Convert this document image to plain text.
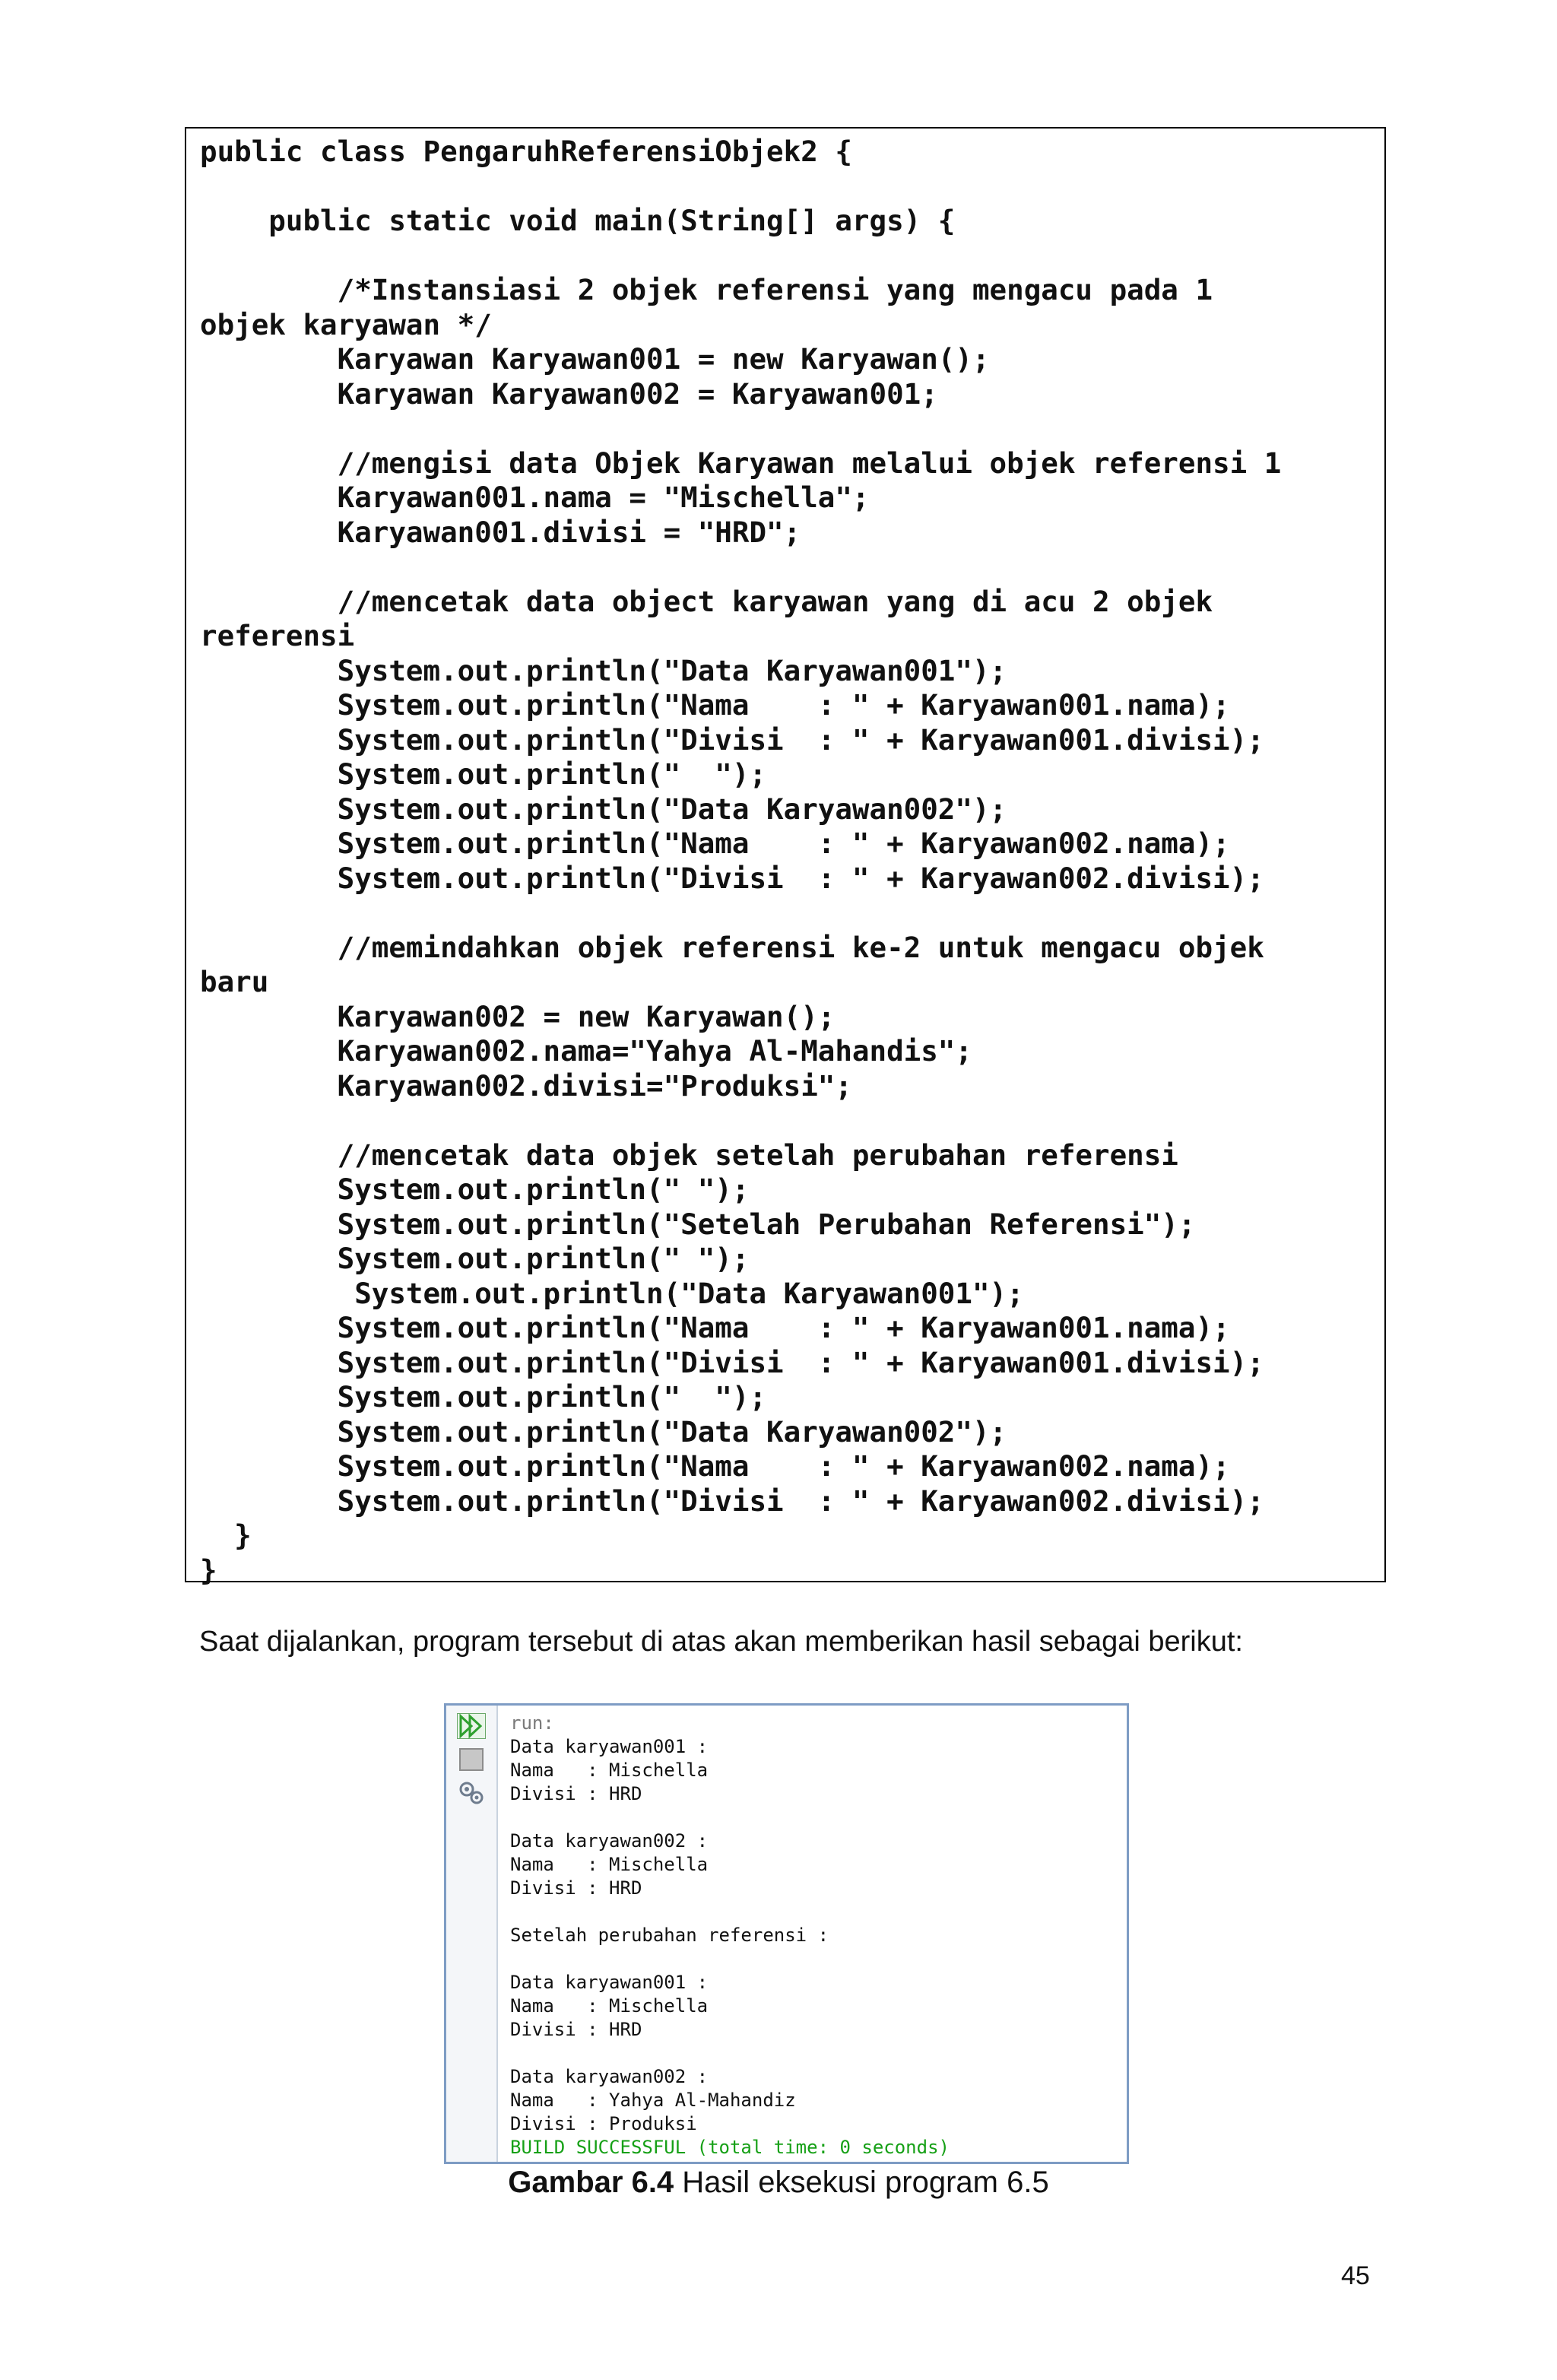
public class PengaruhReferensiObjek2 {

public static void main(String[] args) {

/*Instansiasi 2 objek referensi yang mengacu pada 1
objek karyawan */
Karyawan Karyawan001 = new Karyawan();
Karyawan Karyawan002 = Karyawan001;

//mengisi data Objek Karyawan melalui objek referensi 1
Karyawan001.nama = "Mischella";
Karyawan001.divisi = "HRD";

//mencetak data object karyawan yang di acu 2 objek
referensi
System.out.println("Data Karyawan001");
System.out.println("Nama    : " + Karyawan001.nama);
System.out.println("Divisi  : " + Karyawan001.divisi);
System.out.println("  ");
System.out.println("Data Karyawan002");
System.out.println("Nama    : " + Karyawan002.nama);
System.out.println("Divisi  : " + Karyawan002.divisi);

//memindahkan objek referensi ke-2 untuk mengacu objek
baru
Karyawan002 = new Karyawan();
Karyawan002.nama="Yahya Al-Mahandis";
Karyawan002.divisi="Produksi";

//mencetak data objek setelah perubahan referensi
System.out.println(" ");
System.out.println("Setelah Perubahan Referensi");
System.out.println(" ");
System.out.println("Data Karyawan001");
System.out.println("Nama    : " + Karyawan001.nama);
System.out.println("Divisi  : " + Karyawan001.divisi);
System.out.println("  ");
System.out.println("Data Karyawan002");
System.out.println("Nama    : " + Karyawan002.nama);
System.out.println("Divisi  : " + Karyawan002.divisi);
}
}
Saat dijalankan, program tersebut di atas akan memberikan hasil sebagai berikut:
run:
Data karyawan001 :
Nama   : Mischella
Divisi : HRD

Data karyawan002 :
Nama   : Mischella
Divisi : HRD

Setelah perubahan referensi :

Data karyawan001 :
Nama   : Mischella
Divisi : HRD

Data karyawan002 :
Nama   : Yahya Al-Mahandiz
Divisi : Produksi
BUILD SUCCESSFUL (total time: 0 seconds)
Gambar 6.4 Hasil eksekusi program 6.5
45
